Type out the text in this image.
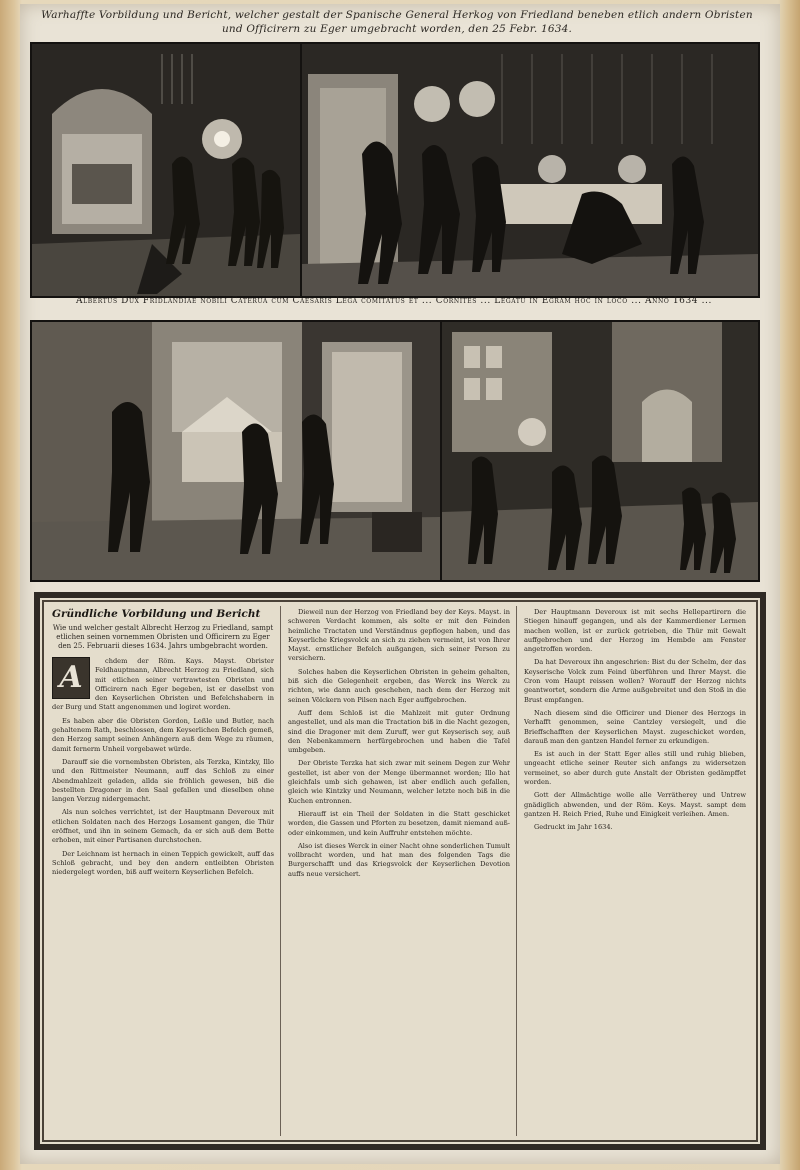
Warhaffte Vorbildung und Bericht, welcher gestalt der Spanische General Herkog von Friedland beneben etlich andern Obristen und Officirern zu Eger umgebracht worden, den 25 Febr. 1634.
Albertus Dux Fridlandiae nobili Caterua cum Caesaris Lega comitatus et ... Cornites ... Legatu in Egram hoc in loco ... Anno 1634 ...
Gründliche Vorbildung und Bericht
Wie und welcher gestalt Albrecht Herzog zu Friedland, sampt etlichen seinen vornemmen Obristen und Officirern zu Eger den 25. Februarii dieses 1634. Jahrs umbgebracht worden.
A	chdem der Röm. Kays. Mayst. Obrister Feldhauptmann, Albrecht Herzog zu Friedland, sich mit etlichen seiner vertrawtesten Obristen und Officirern nach Eger begeben, ist er daselbst von den Keyserlichen Obristen und Befelchshabern in der Burg und Statt angenommen und logiret worden.

Es haben aber die Obristen Gordon, Leßle und Butler, nach gehaltenem Rath, beschlossen, dem Keyserlichen Befelch gemeß, den Herzog sampt seinen Anhängern auß dem Wege zu räumen, damit fernerm Unheil vorgebawet würde.

Darauff sie die vornembsten Obristen, als Terzka, Kintzky, Illo und den Rittmeister Neumann, auff das Schloß zu einer Abendmahlzeit geladen, allda sie fröhlich gewesen, biß die bestellten Dragoner in den Saal gefallen und dieselben ohne langen Verzug nidergemacht.

Als nun solches verrichtet, ist der Hauptmann Deveroux mit etlichen Soldaten nach des Herzogs Losament gangen, die Thür eröffnet, und ihn in seinem Gemach, da er sich auß dem Bette erhoben, mit einer Partisanen durchstochen.

Der Leichnam ist hernach in einen Teppich gewickelt, auff das Schloß gebracht, und bey den andern entleibten Obristen niedergelegt worden, biß auff weitern Keyserlichen Befelch.

Dieweil nun der Herzog von Friedland bey der Keys. Mayst. in schweren Verdacht kommen, als solte er mit den Feinden heimliche Tractaten und Verständnus gepflogen haben, und das Keyserliche Kriegsvolck an sich zu ziehen vermeint, ist von Ihrer Mayst. ernstlicher Befelch außgangen, sich seiner Person zu versichern.

Solches haben die Keyserlichen Obristen in geheim gehalten, biß sich die Gelegenheit ergeben, das Werck ins Werck zu richten, wie dann auch geschehen, nach dem der Herzog mit seinen Völckern von Pilsen nach Eger auffgebrochen.

Auff dem Schloß ist die Mahlzeit mit guter Ordnung angestellet, und als man die Tractation biß in die Nacht gezogen, sind die Dragoner mit dem Zuruff, wer gut Keyserisch sey, auß den Nebenkammern herfürgebrochen und haben die Tafel umbgeben.

Der Obriste Terzka hat sich zwar mit seinem Degen zur Wehr gestellet, ist aber von der Menge übermannet worden; Illo hat gleichfals umb sich gehawen, ist aber endlich auch gefallen, gleich wie Kintzky und Neumann, welcher letzte noch biß in die Kuchen entronnen.

Hierauff ist ein Theil der Soldaten in die Statt geschicket worden, die Gassen und Pforten zu besetzen, damit niemand auß- oder einkommen, und kein Auffruhr entstehen möchte.

Also ist dieses Werck in einer Nacht ohne sonderlichen Tumult vollbracht worden, und hat man des folgenden Tags die Burgerschafft und das Kriegsvolck der Keyserlichen Devotion auffs neue versichert.

Der Hauptmann Deveroux ist mit sechs Hellepartirern die Stiegen hinauff gegangen, und als der Kammerdiener Lermen machen wollen, ist er zurück getrieben, die Thür mit Gewalt auffgebrochen und der Herzog im Hembde am Fenster angetroffen worden.

Da hat Deveroux ihn angeschrien: Bist du der Schelm, der das Keyserische Volck zum Feind überführen und Ihrer Mayst. die Cron vom Haupt reissen wollen? Worauff der Herzog nichts geantwortet, sondern die Arme außgebreitet und den Stoß in die Brust empfangen.

Nach diesem sind die Officirer und Diener des Herzogs in Verhafft genommen, seine Cantzley versiegelt, und die Brieffschafften der Keyserlichen Mayst. zugeschicket worden, darauß man den gantzen Handel ferner zu erkundigen.

Es ist auch in der Statt Eger alles still und ruhig blieben, ungeacht etliche seiner Reuter sich anfangs zu widersetzen vermeinet, so aber durch gute Anstalt der Obristen gedämpffet worden.

Gott der Allmächtige wolle alle Verrätherey und Untrew gnädiglich abwenden, und der Röm. Keys. Mayst. sampt dem gantzen H. Reich Fried, Ruhe und Einigkeit verleihen. Amen.

Gedruckt im Jahr 1634.
